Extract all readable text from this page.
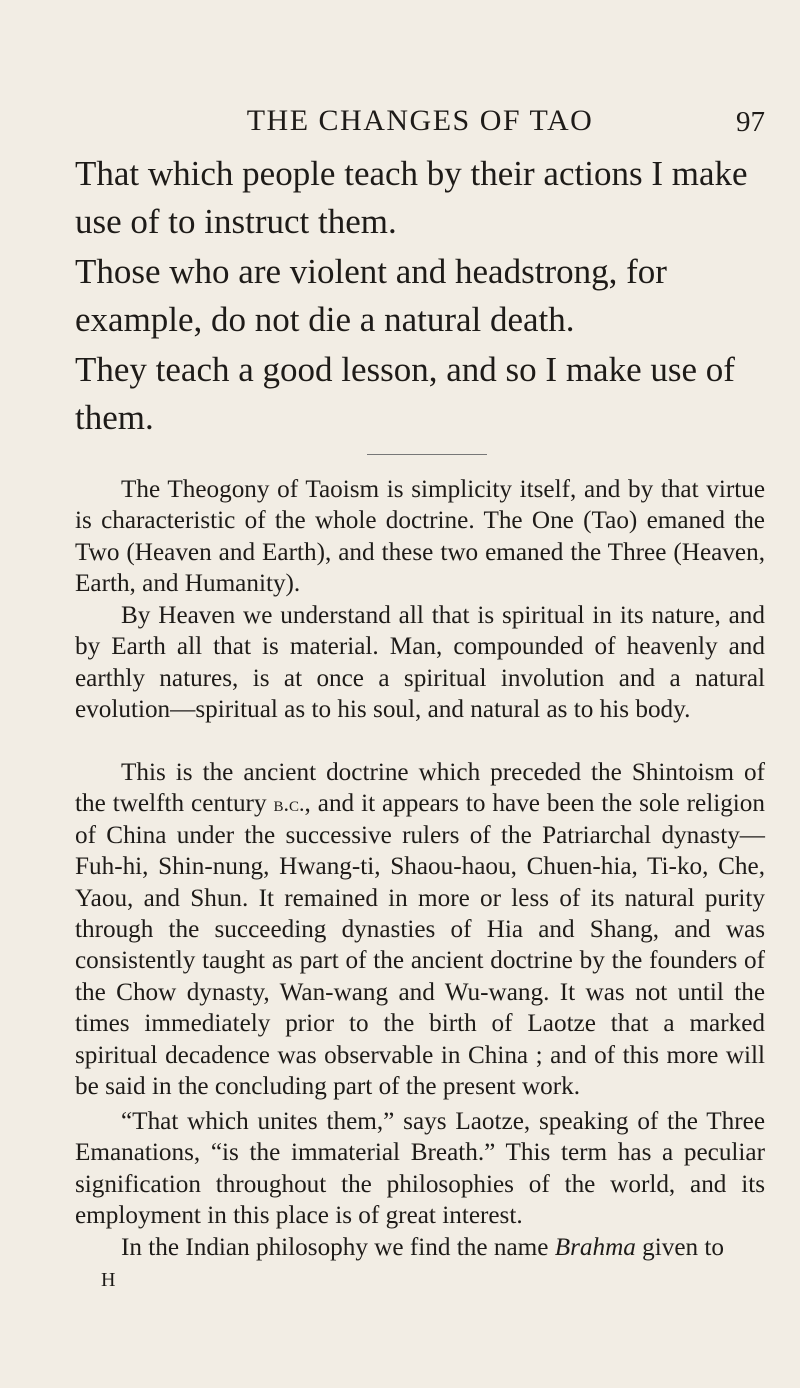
THE CHANGES OF TAO	97

That which people teach by their actions I make use of to instruct them.

Those who are violent and headstrong, for example, do not die a natural death.

They teach a good lesson, and so I make use of them.

The Theogony of Taoism is simplicity itself, and by that virtue is characteristic of the whole doctrine. The One (Tao) emaned the Two (Heaven and Earth), and these two emaned the Three (Heaven, Earth, and Humanity).

By Heaven we understand all that is spiritual in its nature, and by Earth all that is material. Man, compounded of heavenly and earthly natures, is at once a spiritual involution and a natural evolution—spiritual as to his soul, and natural as to his body.

This is the ancient doctrine which preceded the Shintoism of the twelfth century b.c., and it appears to have been the sole religion of China under the successive rulers of the Patriarchal dynasty—Fuh-hi, Shin-nung, Hwang-ti, Shaou-haou, Chuen-hia, Ti-ko, Che, Yaou, and Shun. It remained in more or less of its natural purity through the succeeding dynasties of Hia and Shang, and was consistently taught as part of the ancient doctrine by the founders of the Chow dynasty, Wan-wang and Wu-wang. It was not until the times immediately prior to the birth of Laotze that a marked spiritual decadence was observable in China ; and of this more will be said in the concluding part of the present work.

“That which unites them,” says Laotze, speaking of the Three Emanations, “is the immaterial Breath.” This term has a peculiar signification throughout the philosophies of the world, and its employment in this place is of great interest.

In the Indian philosophy we find the name Brahma given to

H
